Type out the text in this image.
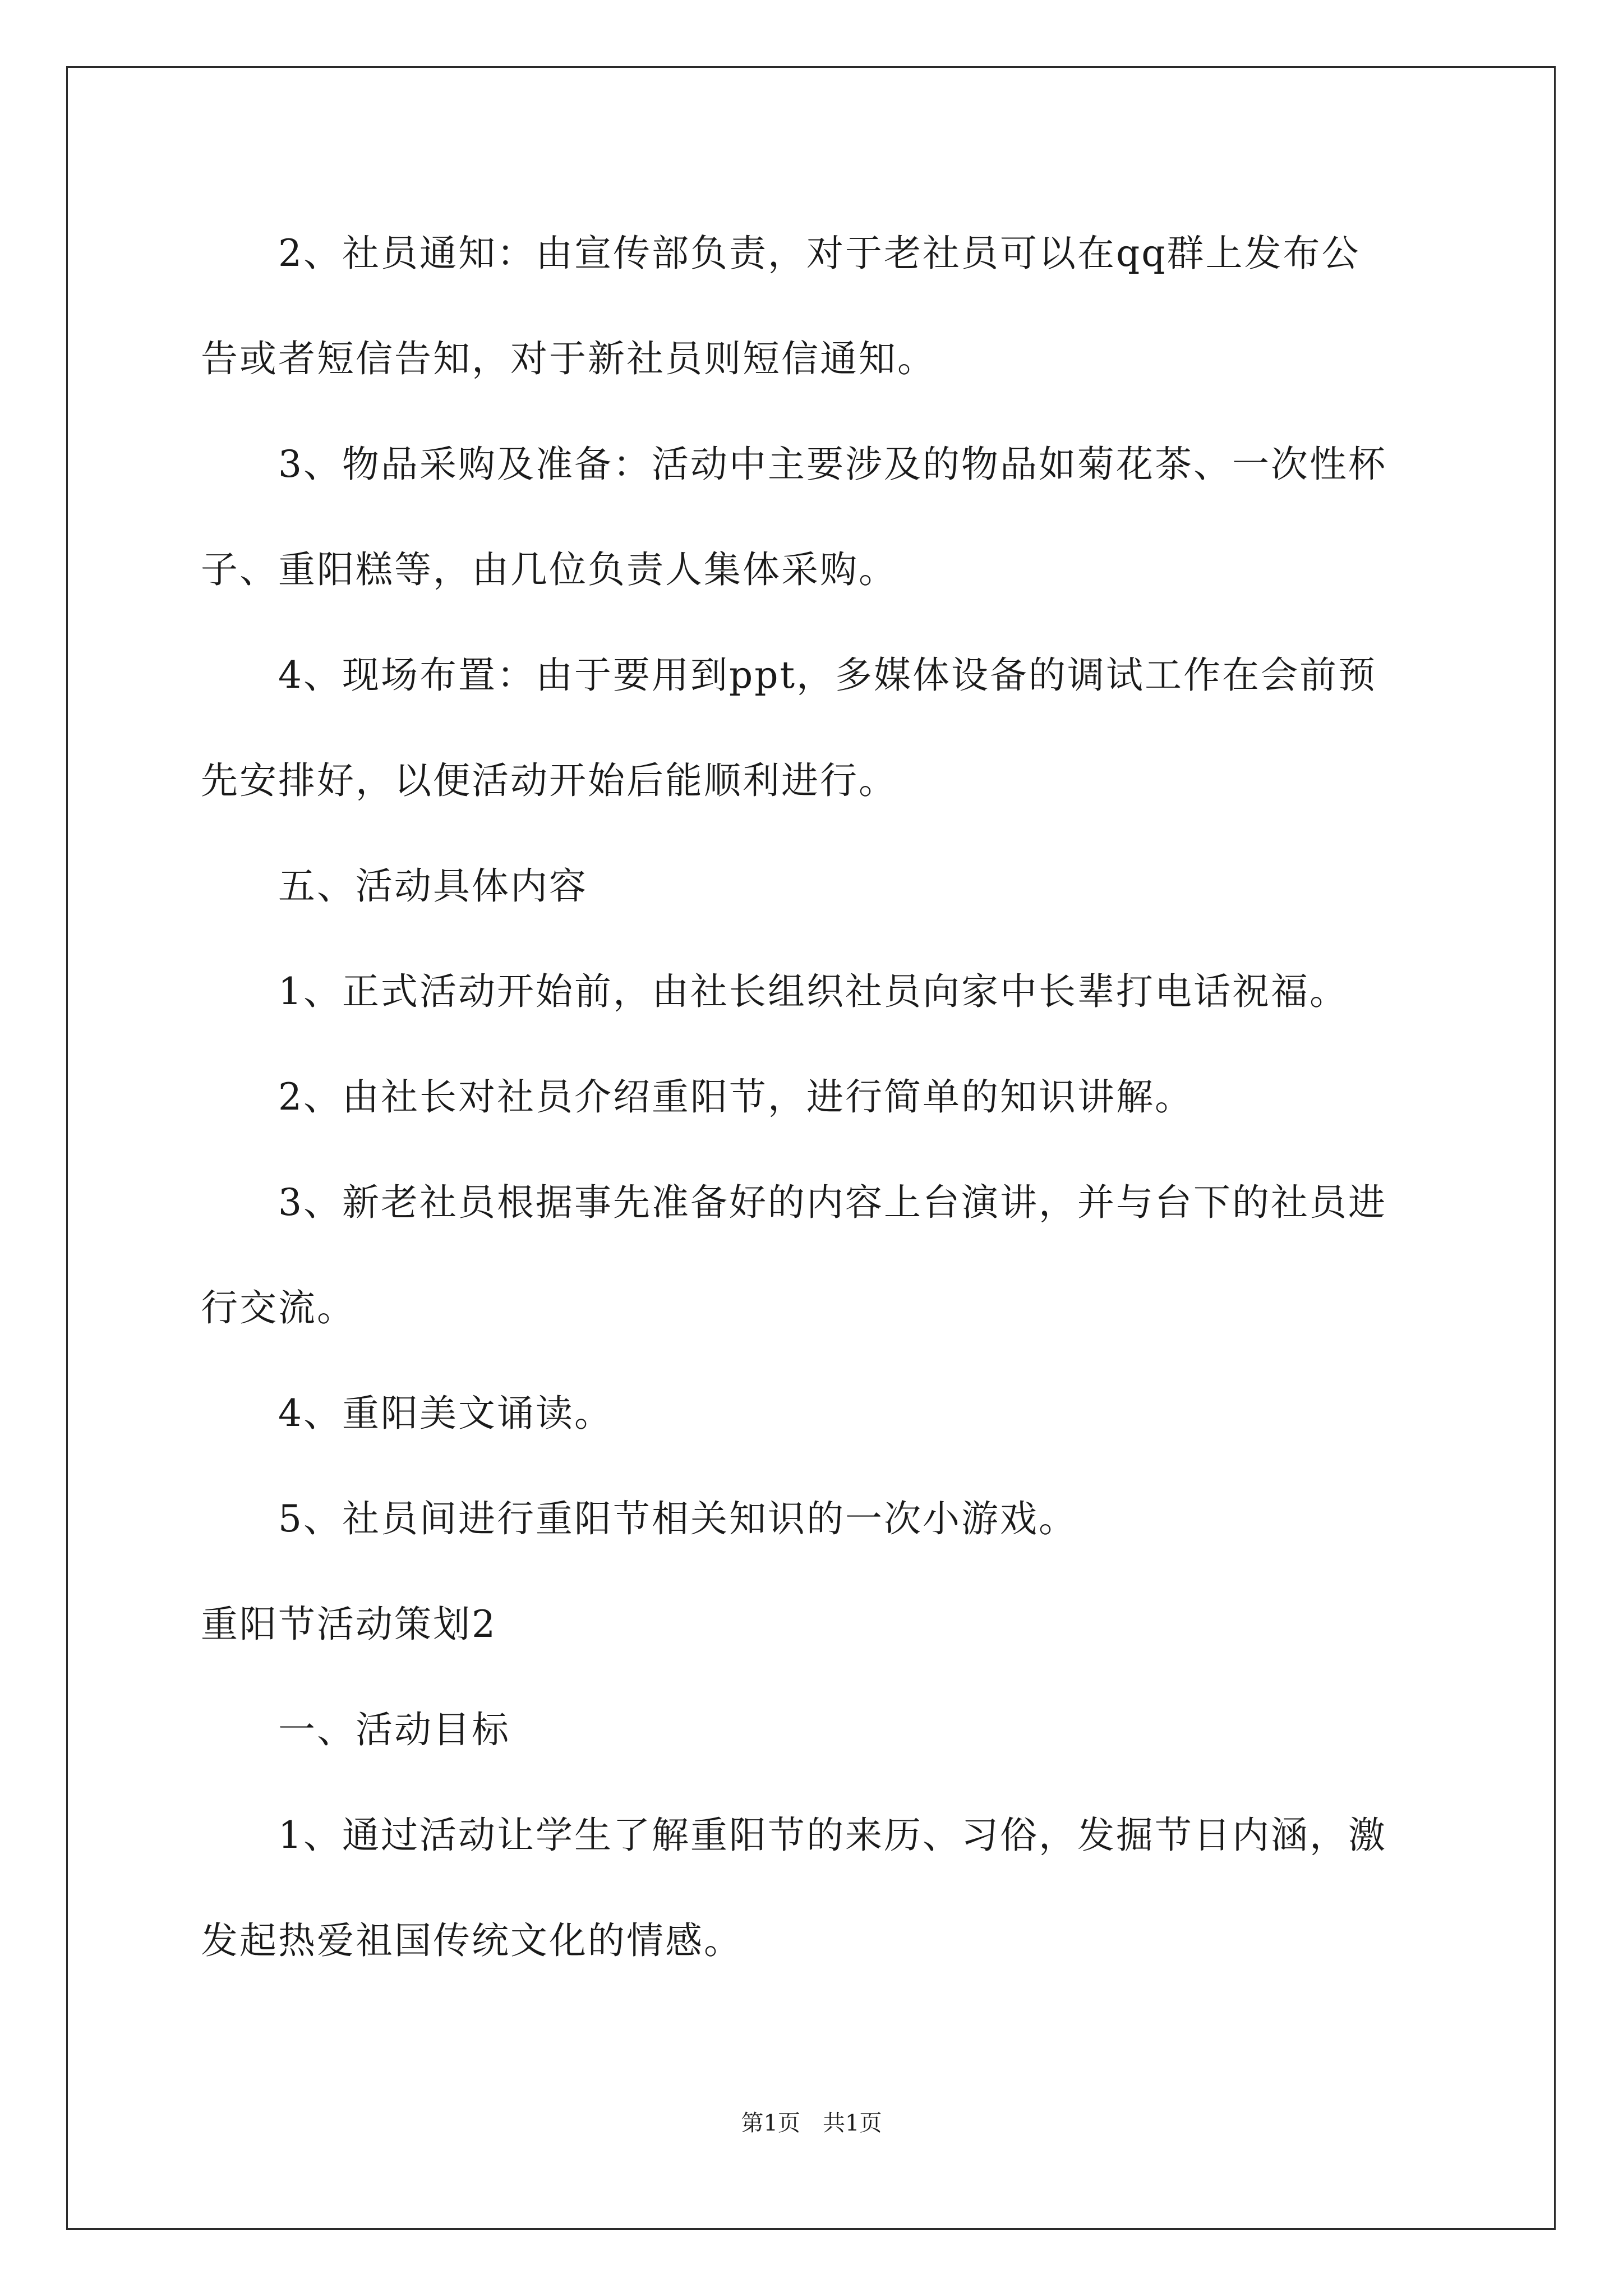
　　2、社员通知：由宣传部负责，对于老社员可以在qq群上发布公
告或者短信告知，对于新社员则短信通知。
　　3、物品采购及准备：活动中主要涉及的物品如菊花茶、一次性杯
子、重阳糕等，由几位负责人集体采购。
　　4、现场布置：由于要用到ppt，多媒体设备的调试工作在会前预
先安排好，以便活动开始后能顺利进行。
　　五、活动具体内容
　　1、正式活动开始前，由社长组织社员向家中长辈打电话祝福。
　　2、由社长对社员介绍重阳节，进行简单的知识讲解。
　　3、新老社员根据事先准备好的内容上台演讲，并与台下的社员进
行交流。
　　4、重阳美文诵读。
　　5、社员间进行重阳节相关知识的一次小游戏。
重阳节活动策划2
　　一、活动目标
　　1、通过活动让学生了解重阳节的来历、习俗，发掘节日内涵，激
发起热爱祖国传统文化的情感。
第1页　共1页
